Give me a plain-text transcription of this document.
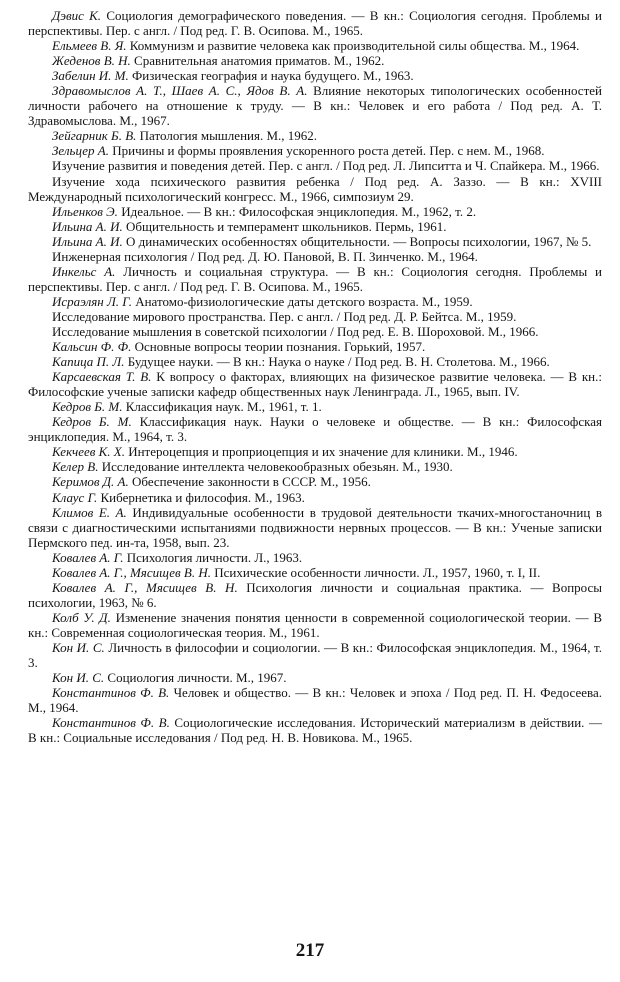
Дэвис К. Социология демографического поведения. — В кн.: Социология сегодня. Проблемы и перспективы. Пер. с англ. / Под ред. Г. В. Осипова. М., 1965.

Ельмеев В. Я. Коммунизм и развитие человека как производительной силы общества. М., 1964.

Жеденов В. Н. Сравнительная анатомия приматов. М., 1962.

Забелин И. М. Физическая география и наука будущего. М., 1963.

Здравомыслов А. Т., Шаев А. С., Ядов В. А. Влияние некоторых типологических особенностей личности рабочего на отношение к труду. — В кн.: Человек и его работа / Под ред. А. Т. Здравомыслова. М., 1967.

Зейгарник Б. В. Патология мышления. М., 1962.

Зельцер А. Причины и формы проявления ускоренного роста детей. Пер. с нем. М., 1968.

Изучение развития и поведения детей. Пер. с англ. / Под ред. Л. Липситта и Ч. Спайкера. М., 1966.

Изучение хода психического развития ребенка / Под ред. А. Заззо. — В кн.: XVIII Международный психологический конгресс. М., 1966, симпозиум 29.

Ильенков Э. Идеальное. — В кн.: Философская энциклопедия. М., 1962, т. 2.

Ильина А. И. Общительность и темперамент школьников. Пермь, 1961.

Ильина А. И. О динамических особенностях общительности. — Вопросы психологии, 1967, № 5.

Инженерная психология / Под ред. Д. Ю. Пановой, В. П. Зинченко. М., 1964.

Инкельс А. Личность и социальная структура. — В кн.: Социология сегодня. Проблемы и перспективы. Пер. с англ. / Под ред. Г. В. Осипова. М., 1965.

Исраэлян Л. Г. Анатомо-физиологические даты детского возраста. М., 1959.

Исследование мирового пространства. Пер. с англ. / Под ред. Д. Р. Бейтса. М., 1959.

Исследование мышления в советской психологии / Под ред. Е. В. Шороховой. М., 1966.

Кальсин Ф. Ф. Основные вопросы теории познания. Горький, 1957.

Капица П. Л. Будущее науки. — В кн.: Наука о науке / Под ред. В. Н. Столетова. М., 1966.

Карсаевская Т. В. К вопросу о факторах, влияющих на физическое развитие человека. — В кн.: Философские ученые записки кафедр общественных наук Ленинграда. Л., 1965, вып. IV.

Кедров Б. М. Классификация наук. М., 1961, т. 1.

Кедров Б. М. Классификация наук. Науки о человеке и обществе. — В кн.: Философская энциклопедия. М., 1964, т. 3.

Кекчеев К. Х. Интероцепция и проприоцепция и их значение для клиники. М., 1946.

Келер В. Исследование интеллекта человекообразных обезьян. М., 1930.

Керимов Д. А. Обеспечение законности в СССР. М., 1956.

Клаус Г. Кибернетика и философия. М., 1963.

Климов Е. А. Индивидуальные особенности в трудовой деятельности ткачих-многостаночниц в связи с диагностическими испытаниями подвижности нервных процессов. — В кн.: Ученые записки Пермского пед. ин-та, 1958, вып. 23.

Ковалев А. Г. Психология личности. Л., 1963.

Ковалев А. Г., Мясищев В. Н. Психические особенности личности. Л., 1957, 1960, т. I, II.

Ковалев А. Г., Мясищев В. Н. Психология личности и социальная практика. — Вопросы психологии, 1963, № 6.

Колб У. Д. Изменение значения понятия ценности в современной социологической теории. — В кн.: Современная социологическая теория. М., 1961.

Кон И. С. Личность в философии и социологии. — В кн.: Философская энциклопедия. М., 1964, т. 3.

Кон И. С. Социология личности. М., 1967.

Константинов Ф. В. Человек и общество. — В кн.: Человек и эпоха / Под ред. П. Н. Федосеева. М., 1964.

Константинов Ф. В. Социологические исследования. Исторический материализм в действии. — В кн.: Социальные исследования / Под ред. Н. В. Новикова. М., 1965.

217
